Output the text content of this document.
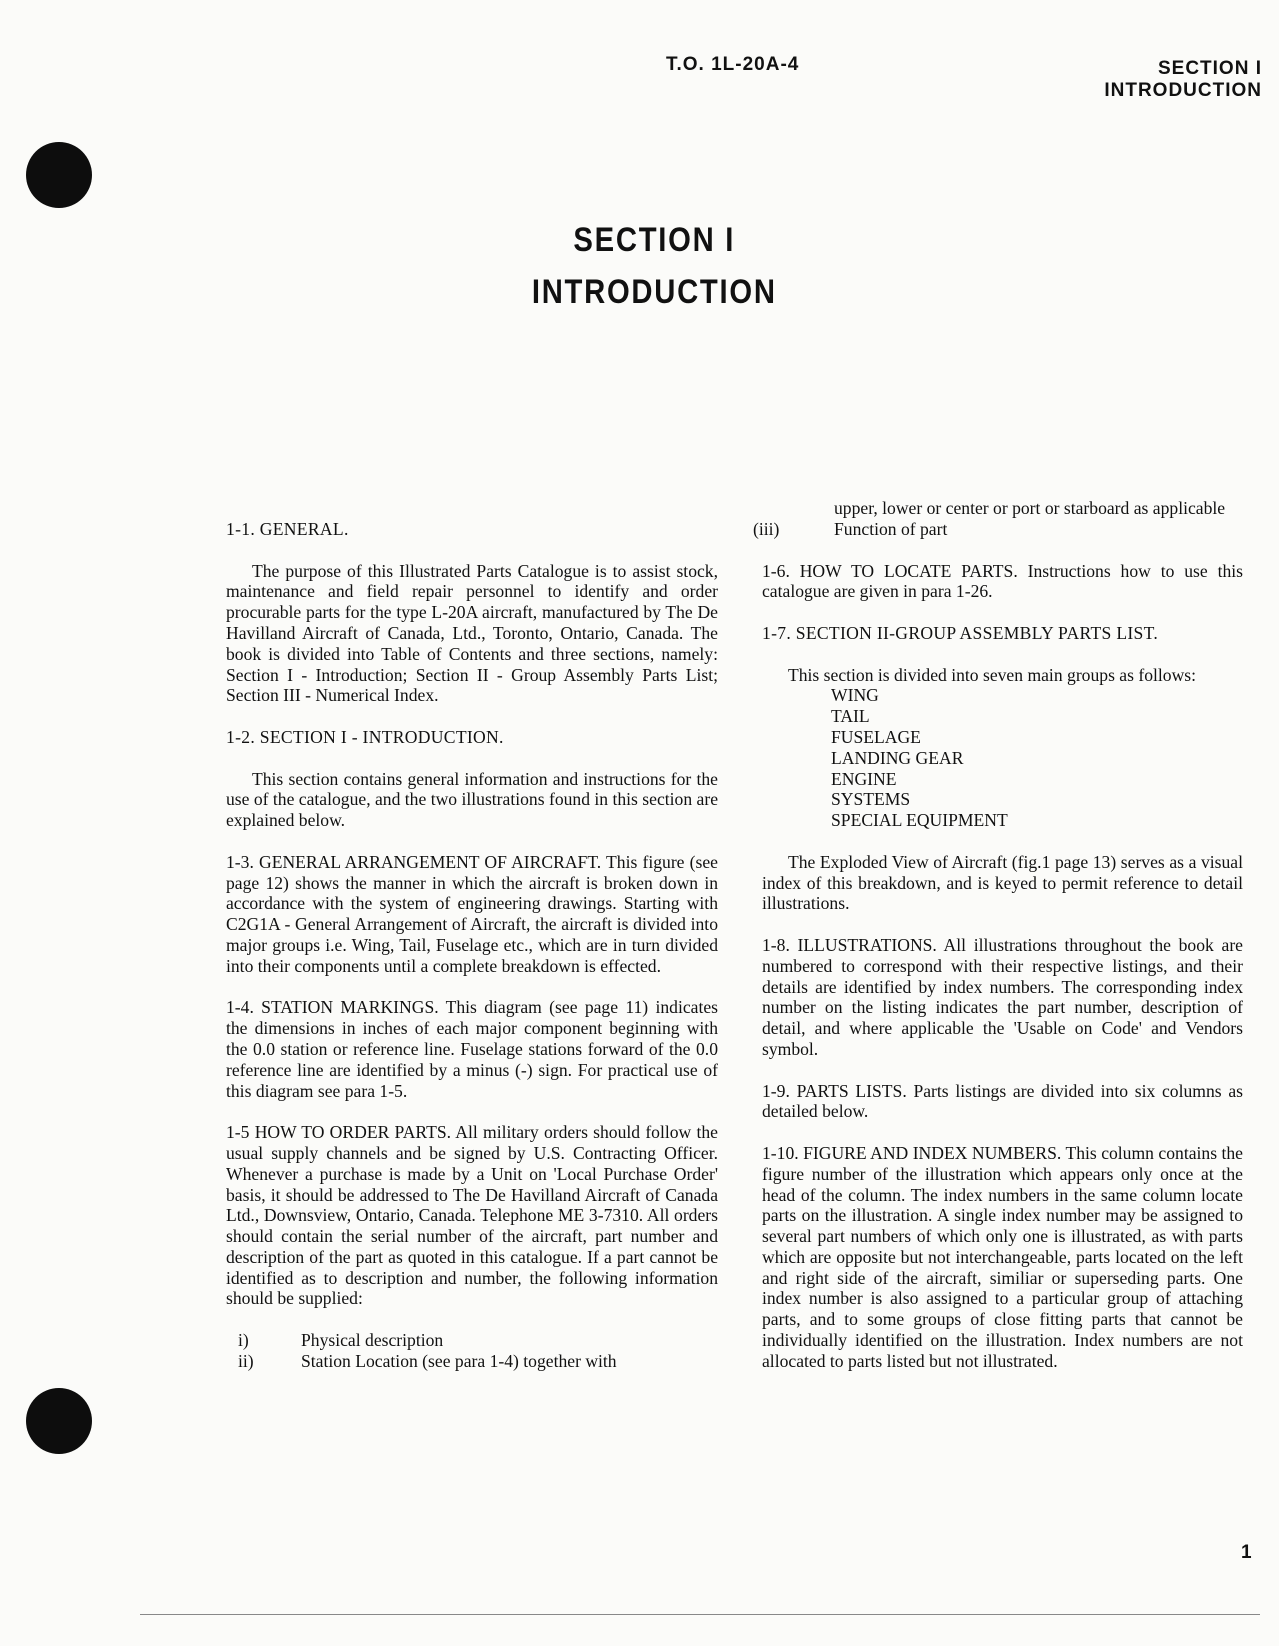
T.O. 1L-20A-4	SECTION I
INTRODUCTION
SECTION I
INTRODUCTION

1-1. GENERAL.

The purpose of this Illustrated Parts Catalogue is to assist stock, maintenance and field repair personnel to identify and order procurable parts for the type L-20A aircraft, manufactured by The De Havilland Aircraft of Canada, Ltd., Toronto, Ontario, Canada. The book is divided into Table of Contents and three sections, namely: Section I - Introduction; Section II - Group Assembly Parts List; Section III - Numerical Index.

1-2. SECTION I - INTRODUCTION.

This section contains general information and instructions for the use of the catalogue, and the two illustrations found in this section are explained below.

1-3. GENERAL ARRANGEMENT OF AIRCRAFT. This figure (see page 12) shows the manner in which the aircraft is broken down in accordance with the system of engineering drawings. Starting with C2G1A - General Arrangement of Aircraft, the aircraft is divided into major groups i.e. Wing, Tail, Fuselage etc., which are in turn divided into their components until a complete breakdown is effected.

1-4. STATION MARKINGS. This diagram (see page 11) indicates the dimensions in inches of each major component beginning with the 0.0 station or reference line. Fuselage stations forward of the 0.0 reference line are identified by a minus (-) sign. For practical use of this diagram see para 1-5.

1-5 HOW TO ORDER PARTS. All military orders should follow the usual supply channels and be signed by U.S. Contracting Officer. Whenever a purchase is made by a Unit on 'Local Purchase Order' basis, it should be addressed to The De Havilland Aircraft of Canada Ltd., Downsview, Ontario, Canada. Telephone ME 3-7310. All orders should contain the serial number of the aircraft, part number and description of the part as quoted in this catalogue. If a part cannot be identified as to description and number, the following information should be supplied:

i)	Physical description
ii)	Station Location (see para 1-4) together with

upper, lower or center or port or starboard as applicable

(iii)	Function of part

1-6. HOW TO LOCATE PARTS. Instructions how to use this catalogue are given in para 1-26.

1-7. SECTION II-GROUP ASSEMBLY PARTS LIST.

This section is divided into seven main groups as follows:

WING
TAIL
FUSELAGE
LANDING GEAR
ENGINE
SYSTEMS
SPECIAL EQUIPMENT

The Exploded View of Aircraft (fig.1 page 13) serves as a visual index of this breakdown, and is keyed to permit reference to detail illustrations.

1-8. ILLUSTRATIONS. All illustrations throughout the book are numbered to correspond with their respective listings, and their details are identified by index numbers. The corresponding index number on the listing indicates the part number, description of detail, and where applicable the 'Usable on Code' and Vendors symbol.

1-9. PARTS LISTS. Parts listings are divided into six columns as detailed below.

1-10. FIGURE AND INDEX NUMBERS. This column contains the figure number of the illustration which appears only once at the head of the column. The index numbers in the same column locate parts on the illustration. A single index number may be assigned to several part numbers of which only one is illustrated, as with parts which are opposite but not interchangeable, parts located on the left and right side of the aircraft, similiar or superseding parts. One index number is also assigned to a particular group of attaching parts, and to some groups of close fitting parts that cannot be individually identified on the illustration. Index numbers are not allocated to parts listed but not illustrated.

1
